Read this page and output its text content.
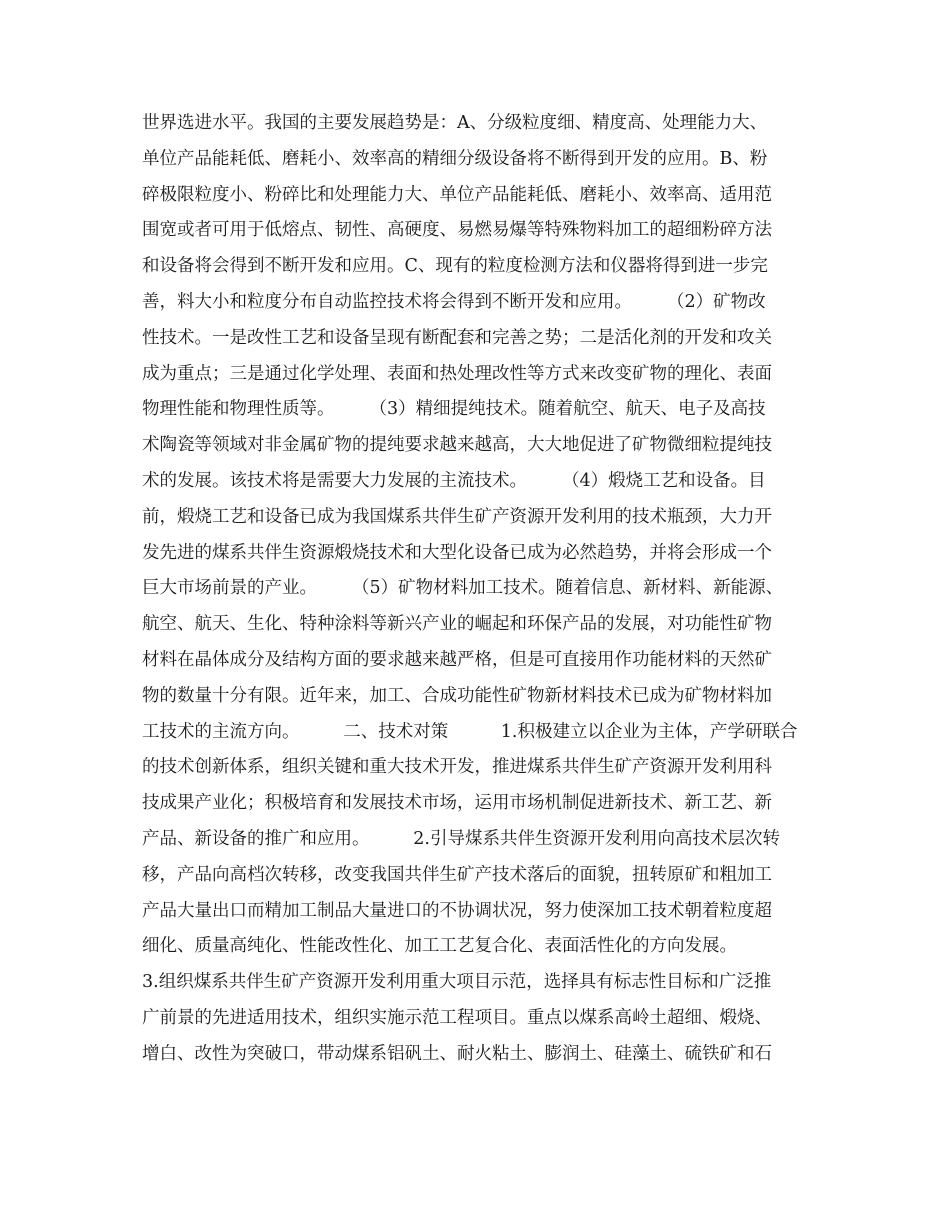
世界选进水平。我国的主要发展趋势是：A、分级粒度细、精度高、处理能力大、
单位产品能耗低、磨耗小、效率高的精细分级设备将不断得到开发的应用。B、粉
碎极限粒度小、粉碎比和处理能力大、单位产品能耗低、磨耗小、效率高、适用范
围宽或者可用于低熔点、韧性、高硬度、易燃易爆等特殊物料加工的超细粉碎方法
和设备将会得到不断开发和应用。C、现有的粒度检测方法和仪器将得到进一步完
善，料大小和粒度分布自动监控技术将会得到不断开发和应用。　　　（2）矿物改
性技术。一是改性工艺和设备呈现有断配套和完善之势；二是活化剂的开发和攻关
成为重点；三是通过化学处理、表面和热处理改性等方式来改变矿物的理化、表面
物理性能和物理性质等。　　　（3）精细提纯技术。随着航空、航天、电子及高技
术陶瓷等领域对非金属矿物的提纯要求越来越高，大大地促进了矿物微细粒提纯技
术的发展。该技术将是需要大力发展的主流技术。　　　（4）煅烧工艺和设备。目
前，煅烧工艺和设备已成为我国煤系共伴生矿产资源开发利用的技术瓶颈，大力开
发先进的煤系共伴生资源煅烧技术和大型化设备已成为必然趋势，并将会形成一个
巨大市场前景的产业。　　　（5）矿物材料加工技术。随着信息、新材料、新能源、
航空、航天、生化、特种涂料等新兴产业的崛起和环保产品的发展，对功能性矿物
材料在晶体成分及结构方面的要求越来越严格，但是可直接用作功能材料的天然矿
物的数量十分有限。近年来，加工、合成功能性矿物新材料技术已成为矿物材料加
工技术的主流方向。　　　二、技术对策　　　1.积极建立以企业为主体，产学研联合
的技术创新体系，组织关键和重大技术开发，推进煤系共伴生矿产资源开发利用科
技成果产业化；积极培育和发展技术市场，运用市场机制促进新技术、新工艺、新
产品、新设备的推广和应用。　　　2.引导煤系共伴生资源开发利用向高技术层次转
移，产品向高档次转移，改变我国共伴生矿产技术落后的面貌，扭转原矿和粗加工
产品大量出口而精加工制品大量进口的不协调状况，努力使深加工技术朝着粒度超
细化、质量高纯化、性能改性化、加工工艺复合化、表面活性化的方向发展。
3.组织煤系共伴生矿产资源开发利用重大项目示范，选择具有标志性目标和广泛推
广前景的先进适用技术，组织实施示范工程项目。重点以煤系高岭土超细、煅烧、
增白、改性为突破口，带动煤系铝矾土、耐火粘土、膨润土、硅藻土、硫铁矿和石
